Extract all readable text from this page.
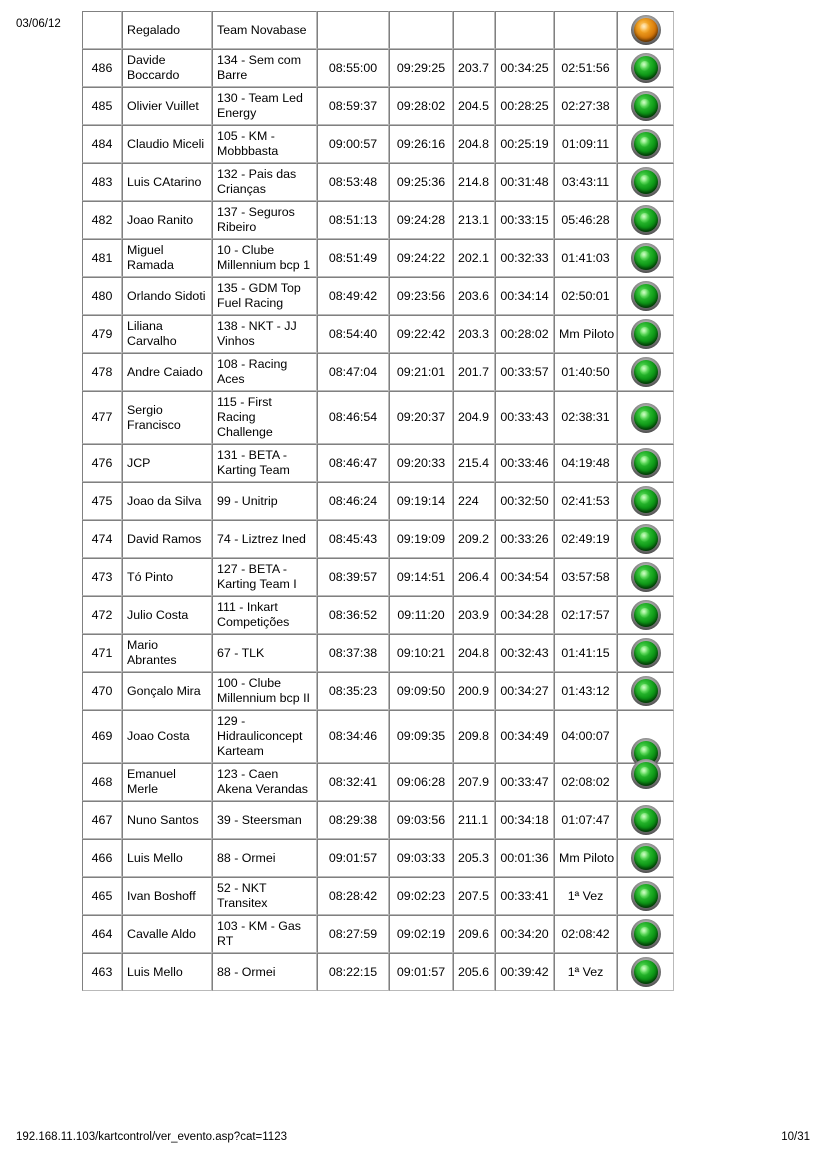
03/06/12
		Regalado	Team Novabase						

486	Davide Boccardo	134 - Sem com Barre	08:55:00	09:29:25	203.7	00:34:25	02:51:56	

485	Olivier Vuillet	130 - Team Led Energy	08:59:37	09:28:02	204.5	00:28:25	02:27:38	

484	Claudio Miceli	105 - KM - Mobbbasta	09:00:57	09:26:16	204.8	00:25:19	01:09:11	

483	Luis CAtarino	132 - Pais das Crianças	08:53:48	09:25:36	214.8	00:31:48	03:43:11	

482	Joao Ranito	137 - Seguros Ribeiro	08:51:13	09:24:28	213.1	00:33:15	05:46:28	

481	Miguel Ramada	10 - Clube Millennium bcp 1	08:51:49	09:24:22	202.1	00:32:33	01:41:03	

480	Orlando Sidoti	135 - GDM Top Fuel Racing	08:49:42	09:23:56	203.6	00:34:14	02:50:01	

479	Liliana Carvalho	138 - NKT - JJ Vinhos	08:54:40	09:22:42	203.3	00:28:02	Mm Piloto	

478	Andre Caiado	108 - Racing Aces	08:47:04	09:21:01	201.7	00:33:57	01:40:50	

477	Sergio Francisco	115 - First Racing Challenge	08:46:54	09:20:37	204.9	00:33:43	02:38:31	

476	JCP	131 - BETA - Karting Team	08:46:47	09:20:33	215.4	00:33:46	04:19:48	

475	Joao da Silva	99 - Unitrip	08:46:24	09:19:14	224	00:32:50	02:41:53	

474	David Ramos	74 - Liztrez Ined	08:45:43	09:19:09	209.2	00:33:26	02:49:19	

473	Tó Pinto	127 - BETA - Karting Team I	08:39:57	09:14:51	206.4	00:34:54	03:57:58	

472	Julio Costa	111 - Inkart Competições	08:36:52	09:11:20	203.9	00:34:28	02:17:57	

471	Mario Abrantes	67 - TLK	08:37:38	09:10:21	204.8	00:32:43	01:41:15	

470	Gonçalo Mira	100 - Clube Millennium bcp II	08:35:23	09:09:50	200.9	00:34:27	01:43:12	

469	Joao Costa	129 - Hidrauliconcept Karteam	08:34:46	09:09:35	209.8	00:34:49	04:00:07	

468	Emanuel Merle	123 - Caen Akena Verandas	08:32:41	09:06:28	207.9	00:33:47	02:08:02	

467	Nuno Santos	39 - Steersman	08:29:38	09:03:56	211.1	00:34:18	01:07:47	

466	Luis Mello	88 - Ormei	09:01:57	09:03:33	205.3	00:01:36	Mm Piloto	

465	Ivan Boshoff	52 - NKT Transitex	08:28:42	09:02:23	207.5	00:33:41	1ª Vez	

464	Cavalle Aldo	103 - KM - Gas RT	08:27:59	09:02:19	209.6	00:34:20	02:08:42	

463	Luis Mello	88 - Ormei	08:22:15	09:01:57	205.6	00:39:42	1ª Vez	
192.168.11.103/kartcontrol/ver_evento.asp?cat=1123	10/31
